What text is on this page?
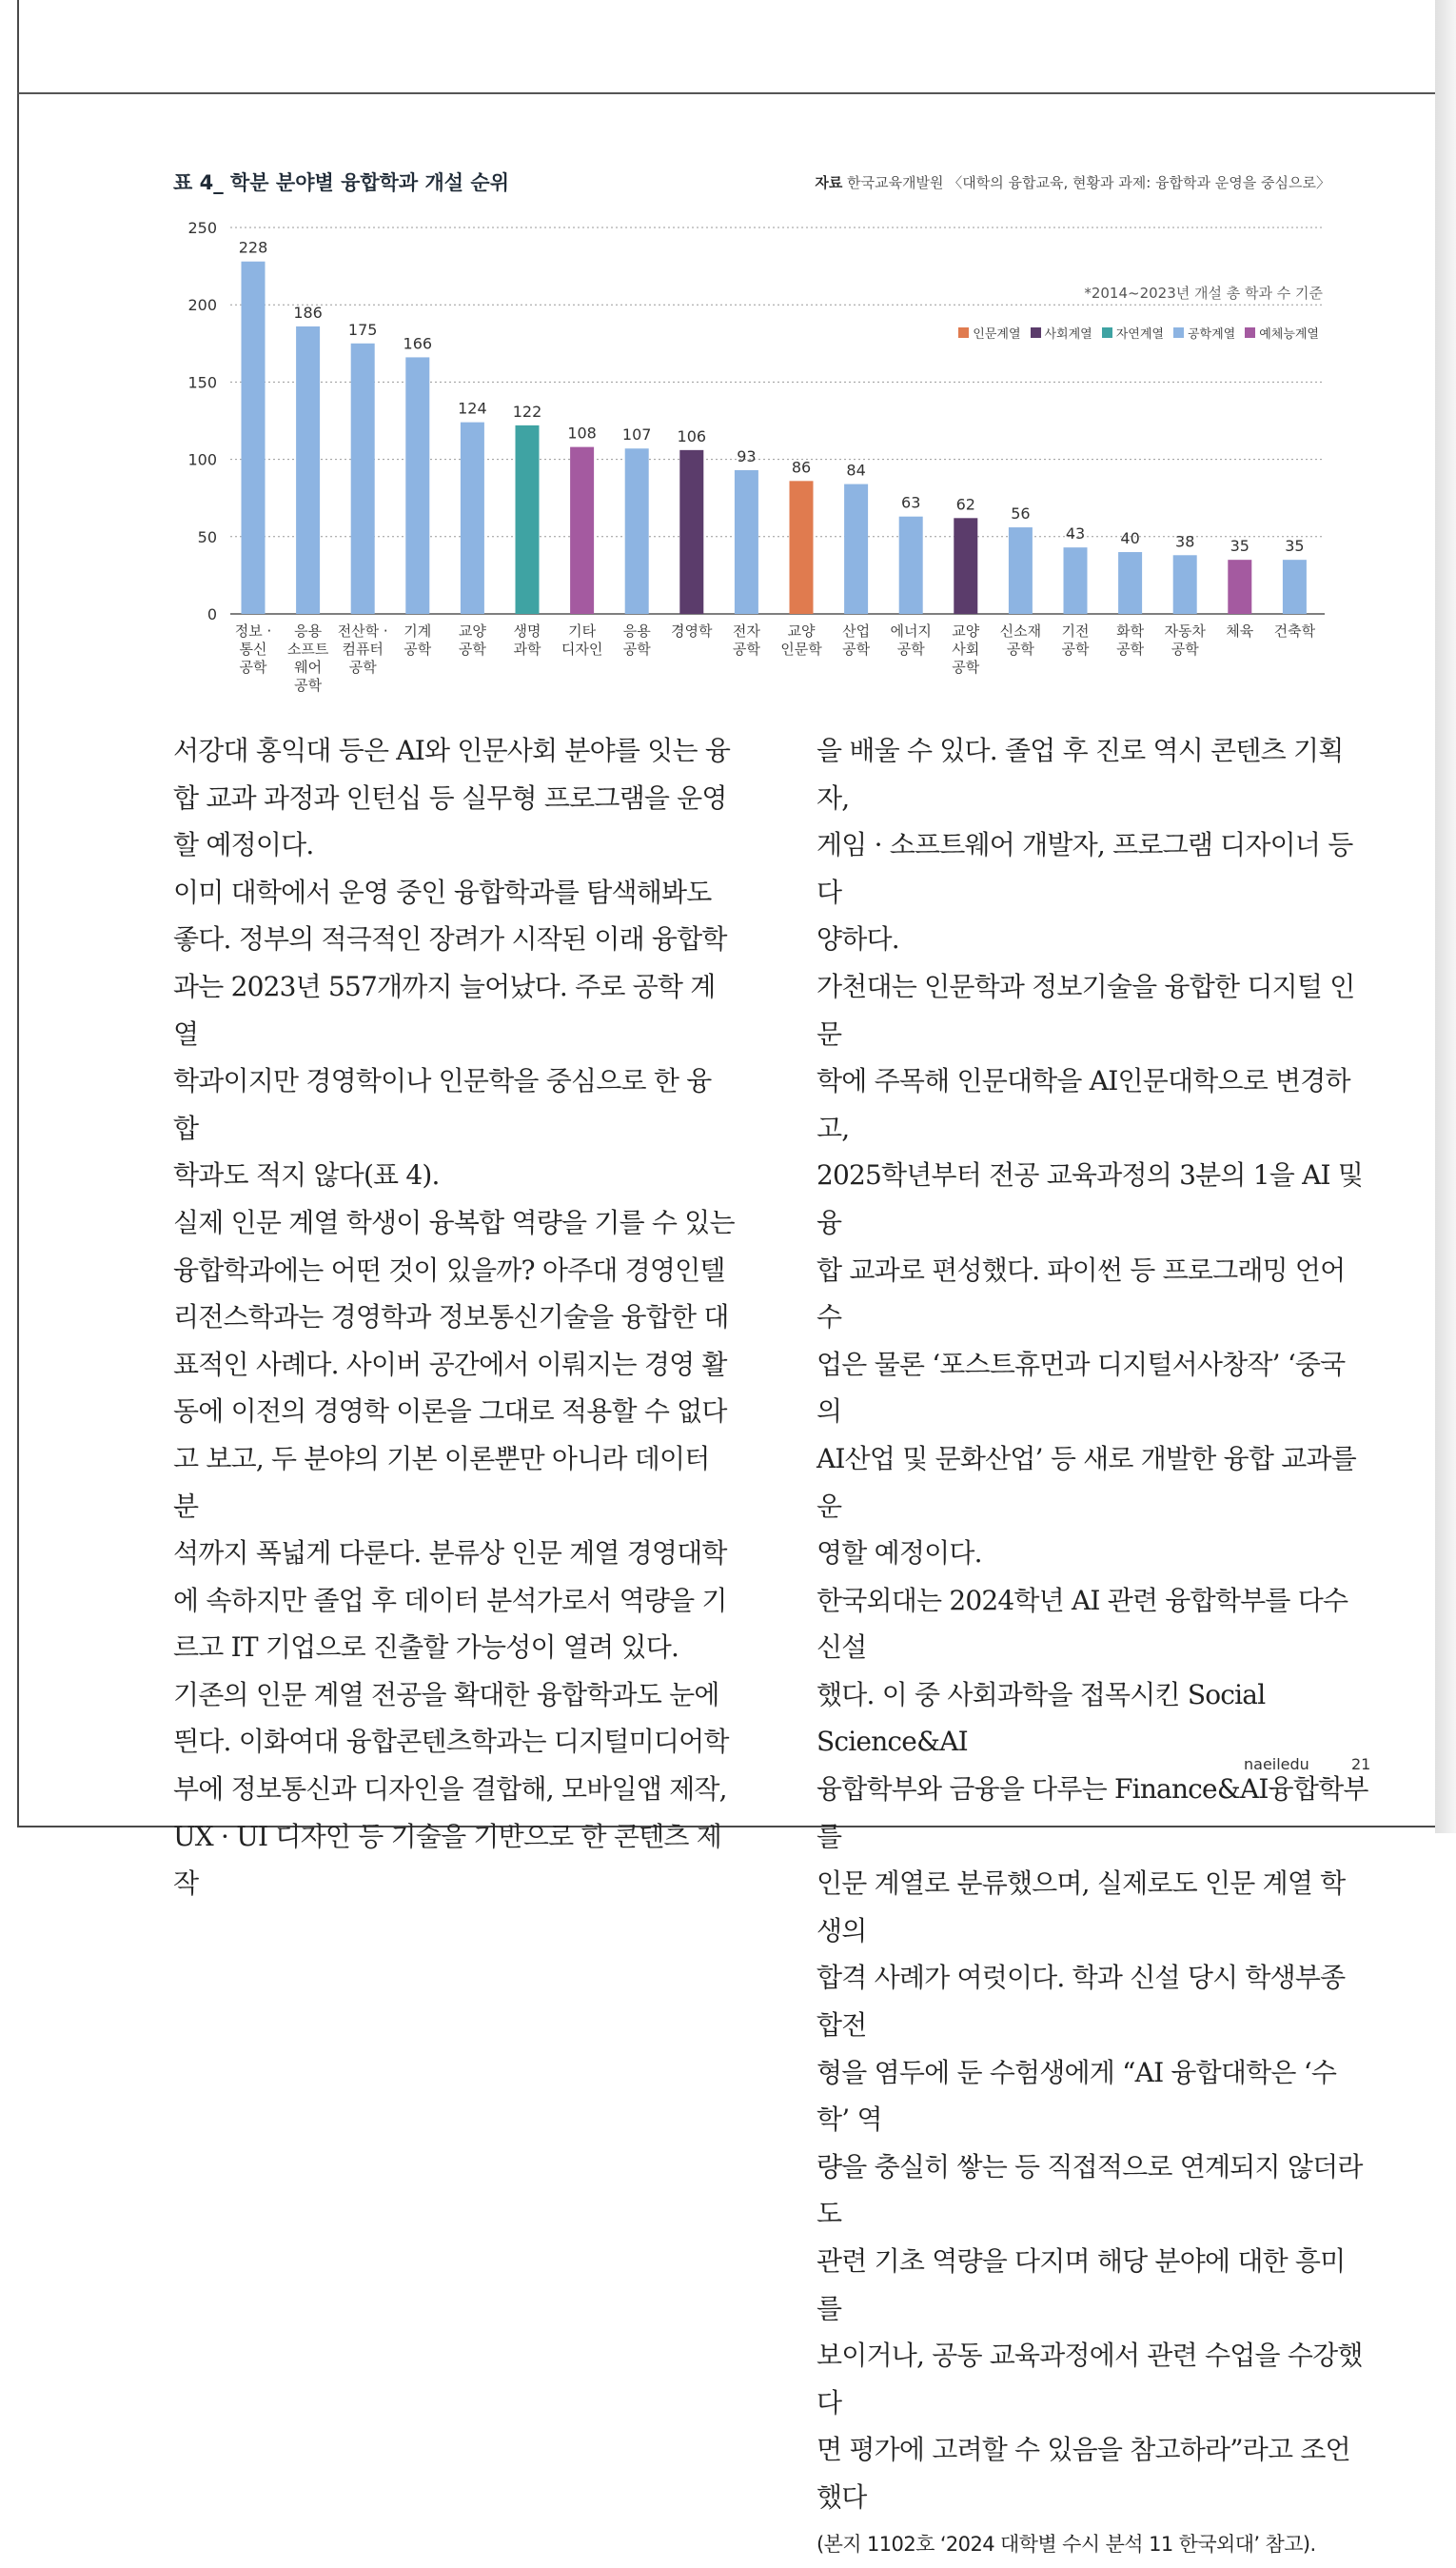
표 4_ 학분 분야별 융합학과 개설 순위	자료 한국교육개발원 〈대학의 융합교육, 현황과 과제: 융합학과 운영을 중심으로〉
*2014~2023년 개설 총 학과 수 기준
인문계열 사회계열 자연계열 공학계열 예체능계열
0
50
100
150
200
250
228
정보 ·
통신
공학
186
응용
소프트
웨어
공학
175
전산학 ·
컴퓨터
공학
166
기계
공학
124
교양
공학
122
생명
과학
108
기타
디자인
107
응용
공학
106
경영학
93
전자
공학
86
교양
인문학
84
산업
공학
63
에너지
공학
62
교양
사회
공학
56
신소재
공학
43
기전
공학
40
화학
공학
38
자동차
공학
35
체육
35
건축학
서강대 홍익대 등은 AI와 인문사회 분야를 잇는 융
합 교과 과정과 인턴십 등 실무형 프로그램을 운영
할 예정이다.
이미 대학에서 운영 중인 융합학과를 탐색해봐도
좋다. 정부의 적극적인 장려가 시작된 이래 융합학
과는 2023년 557개까지 늘어났다. 주로 공학 계열
학과이지만 경영학이나 인문학을 중심으로 한 융합
학과도 적지 않다(표 4).
실제 인문 계열 학생이 융복합 역량을 기를 수 있는
융합학과에는 어떤 것이 있을까? 아주대 경영인텔
리전스학과는 경영학과 정보통신기술을 융합한 대
표적인 사례다. 사이버 공간에서 이뤄지는 경영 활
동에 이전의 경영학 이론을 그대로 적용할 수 없다
고 보고, 두 분야의 기본 이론뿐만 아니라 데이터 분
석까지 폭넓게 다룬다. 분류상 인문 계열 경영대학
에 속하지만 졸업 후 데이터 분석가로서 역량을 기
르고 IT 기업으로 진출할 가능성이 열려 있다.
기존의 인문 계열 전공을 확대한 융합학과도 눈에
띈다. 이화여대 융합콘텐츠학과는 디지털미디어학
부에 정보통신과 디자인을 결합해, 모바일앱 제작,
UX · UI 디자인 등 기술을 기반으로 한 콘텐츠 제작
을 배울 수 있다. 졸업 후 진로 역시 콘텐츠 기획자,
게임 · 소프트웨어 개발자, 프로그램 디자이너 등 다
양하다.
가천대는 인문학과 정보기술을 융합한 디지털 인문
학에 주목해 인문대학을 AI인문대학으로 변경하고,
2025학년부터 전공 교육과정의 3분의 1을 AI 및 융
합 교과로 편성했다. 파이썬 등 프로그래밍 언어 수
업은 물론 ‘포스트휴먼과 디지털서사창작’ ‘중국의
AI산업 및 문화산업’ 등 새로 개발한 융합 교과를 운
영할 예정이다.
한국외대는 2024학년 AI 관련 융합학부를 다수 신설
했다. 이 중 사회과학을 접목시킨 Social Science&AI
융합학부와 금융을 다루는 Finance&AI융합학부를
인문 계열로 분류했으며, 실제로도 인문 계열 학생의
합격 사례가 여럿이다. 학과 신설 당시 학생부종합전
형을 염두에 둔 수험생에게 “AI 융합대학은 ‘수학’ 역
량을 충실히 쌓는 등 직접적으로 연계되지 않더라도
관련 기초 역량을 다지며 해당 분야에 대한 흥미를
보이거나, 공동 교육과정에서 관련 수업을 수강했다
면 평가에 고려할 수 있음을 참고하라”라고 조언했다
(본지 1102호 ‘2024 대학별 수시 분석 11 한국외대’ 참고).
naeiledu	21
